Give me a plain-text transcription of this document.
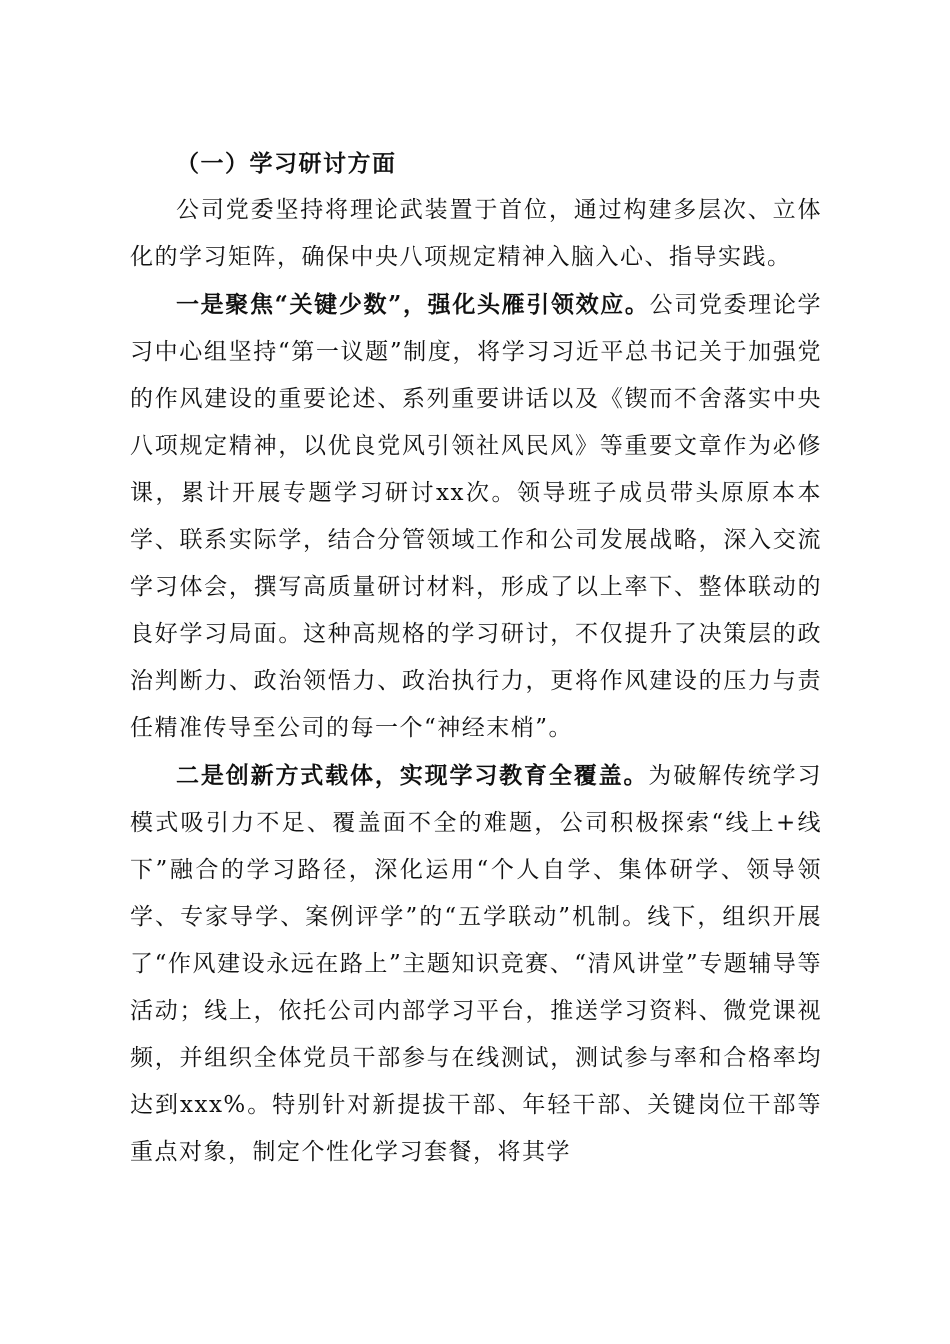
（一）学习研讨方面

公司党委坚持将理论武装置于首位，通过构建多层次、立体化的学习矩阵，确保中央八项规定精神入脑入心、指导实践。

一是聚焦“关键少数”，强化头雁引领效应。公司党委理论学习中心组坚持“第一议题”制度，将学习习近平总书记关于加强党的作风建设的重要论述、系列重要讲话以及《锲而不舍落实中央八项规定精神，以优良党风引领社风民风》等重要文章作为必修课，累计开展专题学习研讨xx次。领导班子成员带头原原本本学、联系实际学，结合分管领域工作和公司发展战略，深入交流学习体会，撰写高质量研讨材料，形成了以上率下、整体联动的良好学习局面。这种高规格的学习研讨，不仅提升了决策层的政治判断力、政治领悟力、政治执行力，更将作风建设的压力与责任精准传导至公司的每一个“神经末梢”。

二是创新方式载体，实现学习教育全覆盖。为破解传统学习模式吸引力不足、覆盖面不全的难题，公司积极探索“线上+线下”融合的学习路径，深化运用“个人自学、集体研学、领导领学、专家导学、案例评学”的“五学联动”机制。线下，组织开展了“作风建设永远在路上”主题知识竞赛、“清风讲堂”专题辅导等活动；线上，依托公司内部学习平台，推送学习资料、微党课视频，并组织全体党员干部参与在线测试，测试参与率和合格率均达到xxx%。特别针对新提拔干部、年轻干部、关键岗位干部等重点对象，制定个性化学习套餐，将其学
